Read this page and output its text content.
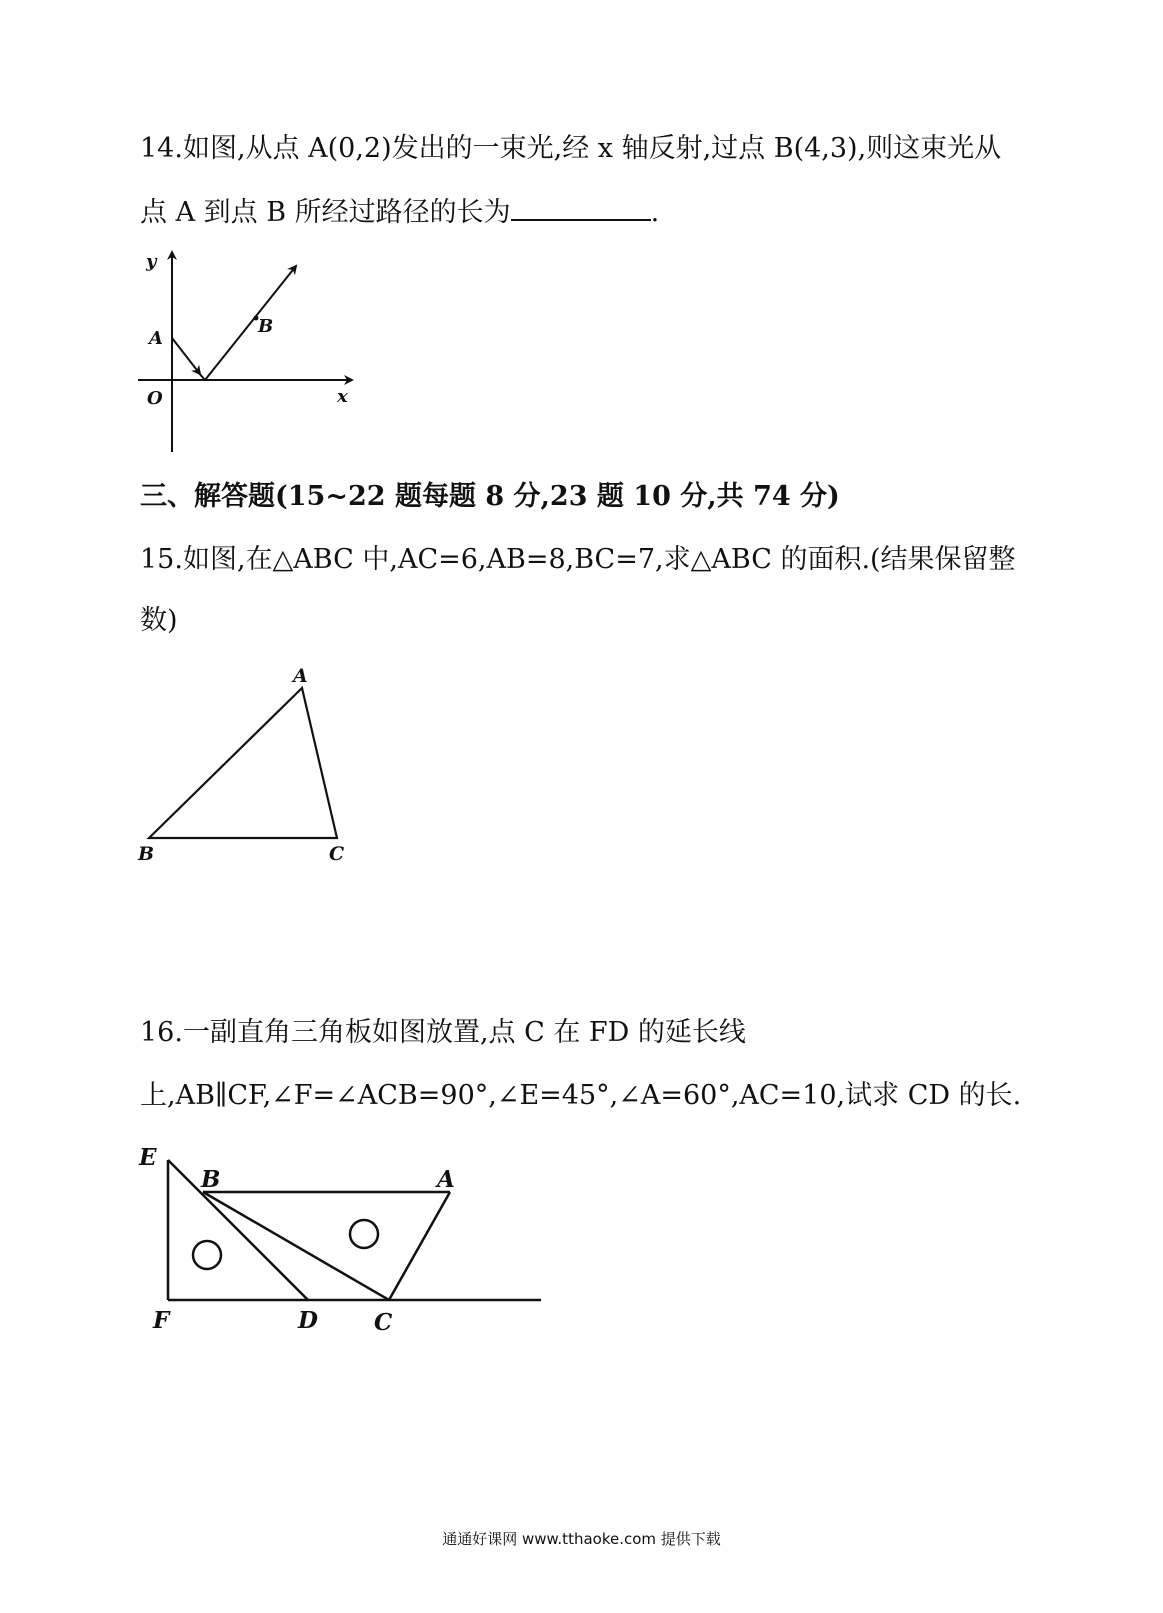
14.如图,从点 A(0,2)发出的一束光,经 x 轴反射,过点 B(4,3),则这束光从
点 A 到点 B 所经过路径的长为	.
y
x
O
A
B
三、解答题(15~22 题每题 8 分,23 题 10 分,共 74 分)
15.如图,在△ABC 中,AC=6,AB=8,BC=7,求△ABC 的面积.(结果保留整
数)
A
B	C
16.一副直角三角板如图放置,点 C 在 FD 的延长线
上,AB∥CF,∠F=∠ACB=90°,∠E=45°,∠A=60°,AC=10,试求 CD 的长.
E
B	A
F	D C
通通好课网 www.tthaoke.com 提供下载
